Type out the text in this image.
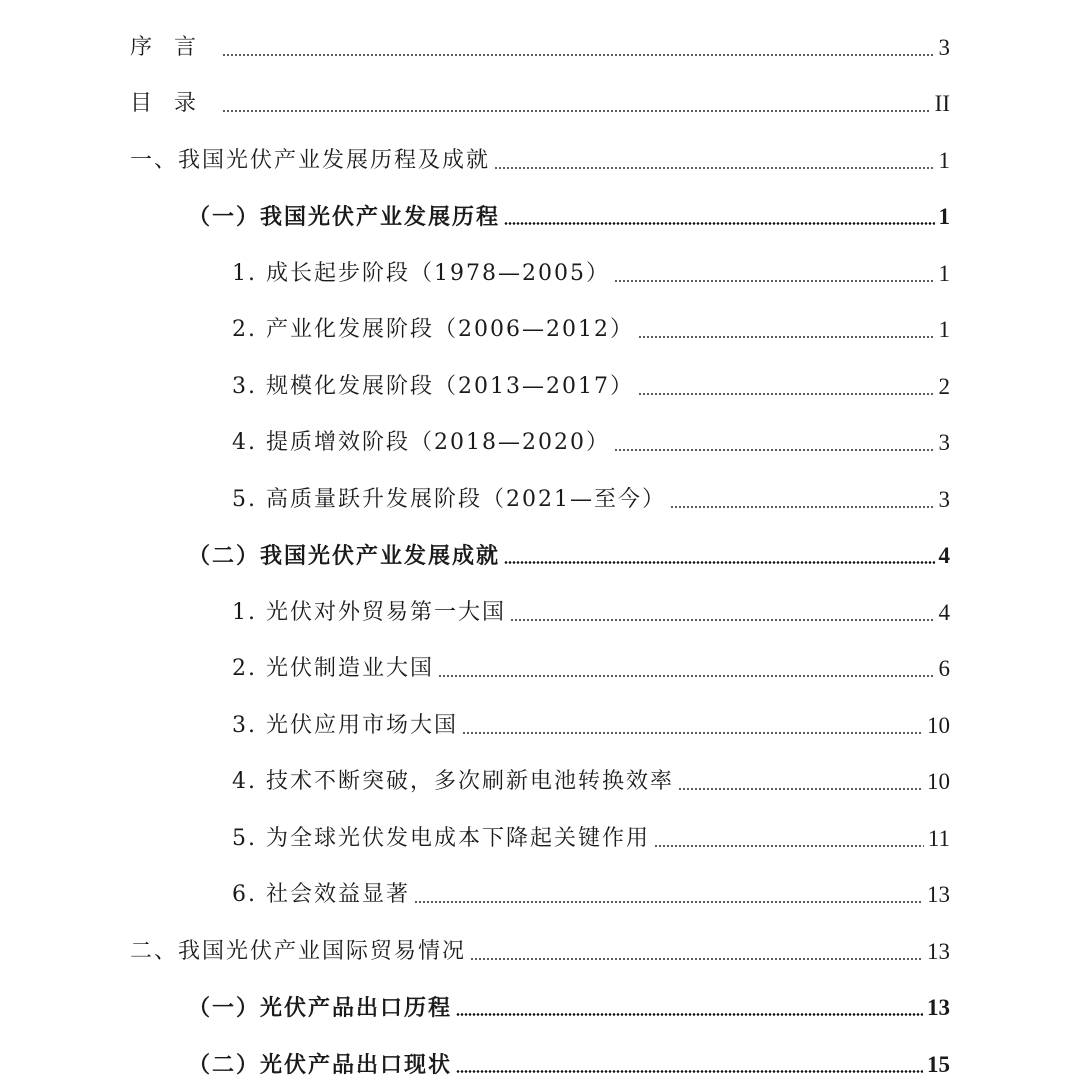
序言	3
目录	II
一、我国光伏产业发展历程及成就	1
（一）我国光伏产业发展历程	1
1. 成长起步阶段（1978—2005）	1
2. 产业化发展阶段（2006—2012）	1
3. 规模化发展阶段（2013—2017）	2
4. 提质增效阶段（2018—2020）	3
5. 高质量跃升发展阶段（2021—至今）	3
（二）我国光伏产业发展成就	4
1. 光伏对外贸易第一大国	4
2. 光伏制造业大国	6
3. 光伏应用市场大国	10
4. 技术不断突破，多次刷新电池转换效率	10
5. 为全球光伏发电成本下降起关键作用	11
6. 社会效益显著	13
二、我国光伏产业国际贸易情况	13
（一）光伏产品出口历程	13
（二）光伏产品出口现状	15
